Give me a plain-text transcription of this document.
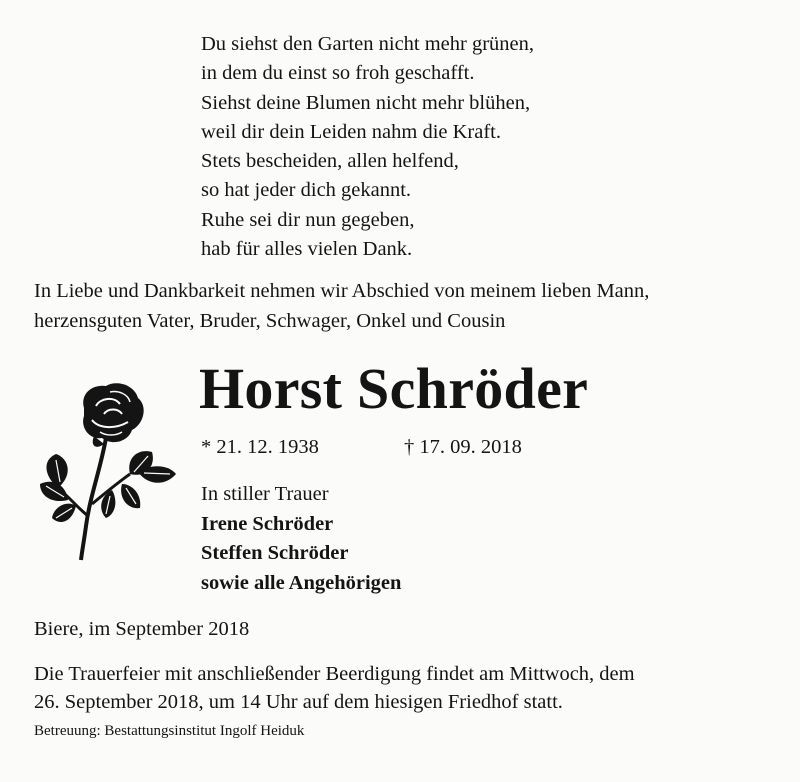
Du siehst den Garten nicht mehr grünen,
in dem du einst so froh geschafft.
Siehst deine Blumen nicht mehr blühen,
weil dir dein Leiden nahm die Kraft.
Stets bescheiden, allen helfend,
so hat jeder dich gekannt.
Ruhe sei dir nun gegeben,
hab für alles vielen Dank.
In Liebe und Dankbarkeit nehmen wir Abschied von meinem lieben Mann,
herzensguten Vater, Bruder, Schwager, Onkel und Cousin
Horst Schröder
* 21. 12. 1938	† 17. 09. 2018
In stiller Trauer
Irene Schröder
Steffen Schröder
sowie alle Angehörigen
Biere, im September 2018
Die Trauerfeier mit anschließender Beerdigung findet am Mittwoch, dem
26. September 2018, um 14 Uhr auf dem hiesigen Friedhof statt.
Betreuung: Bestattungsinstitut Ingolf Heiduk
